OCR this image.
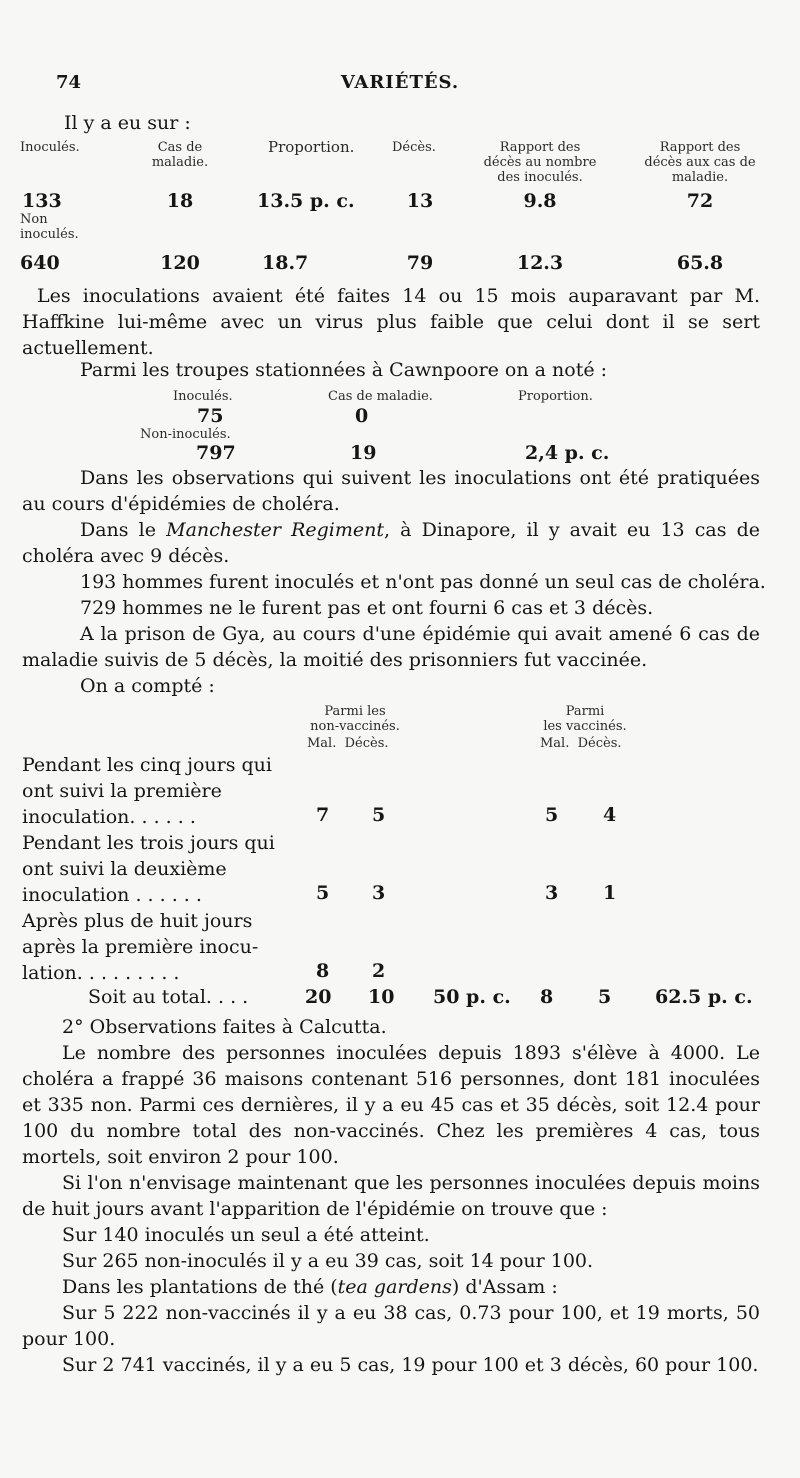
74	VARIÉTÉS.
Il y a eu sur :
Inoculés.	Cas de
maladie.
Proportion.	Décès.	Rapport des
décès au nombre
des inoculés.
Rapport des
décès aux cas de
maladie.
133	18	13.5 p. c.	13	9.8	72
Non
inoculés.
640	120	18.7	79	12.3	65.8
Les inoculations avaient été faites 14 ou 15 mois auparavant par M. Haffkine lui-même avec un virus plus faible que celui dont il se sert actuellement.
Parmi les troupes stationnées à Cawnpoore on a noté :
Inoculés.	Cas de maladie.	Proportion.
75	0
Non-inoculés.
797	19	2,4 p. c.
Dans les observations qui suivent les inoculations ont été pratiquées au cours d'épidémies de choléra.
Dans le Manchester Regiment, à Dinapore, il y avait eu 13 cas de choléra avec 9 décès.
193 hommes furent inoculés et n'ont pas donné un seul cas de choléra.
729 hommes ne le furent pas et ont fourni 6 cas et 3 décès.
A la prison de Gya, au cours d'une épidémie qui avait amené 6 cas de maladie suivis de 5 décès, la moitié des prisonniers fut vaccinée.
On a compté :
Parmi les
non-vaccinés.
Parmi
les vaccinés.
Mal.  Décès.	Mal.  Décès.
Pendant les cinq jours qui ont suivi la première inoculation. . . . . .	7 5	5 4
Pendant les trois jours qui ont suivi la deuxième inoculation . . . . . .	5 3	3 1
Après plus de huit jours après la première inocu-lation. . . . . . . . .	8 2
Soit au total. . . .	20 10 50 p. c. 8 5 62.5 p. c.
2° Observations faites à Calcutta.
Le nombre des personnes inoculées depuis 1893 s'élève à 4000. Le choléra a frappé 36 maisons contenant 516 personnes, dont 181 inoculées et 335 non. Parmi ces dernières, il y a eu 45 cas et 35 décès, soit 12.4 pour 100 du nombre total des non-vaccinés. Chez les premières 4 cas, tous mortels, soit environ 2 pour 100.
Si l'on n'envisage maintenant que les personnes inoculées depuis moins de huit jours avant l'apparition de l'épidémie on trouve que :
Sur 140 inoculés un seul a été atteint.
Sur 265 non-inoculés il y a eu 39 cas, soit 14 pour 100.
Dans les plantations de thé (tea gardens) d'Assam :
Sur 5 222 non-vaccinés il y a eu 38 cas, 0.73 pour 100, et 19 morts, 50 pour 100.
Sur 2 741 vaccinés, il y a eu 5 cas, 19 pour 100 et 3 décès, 60 pour 100.
